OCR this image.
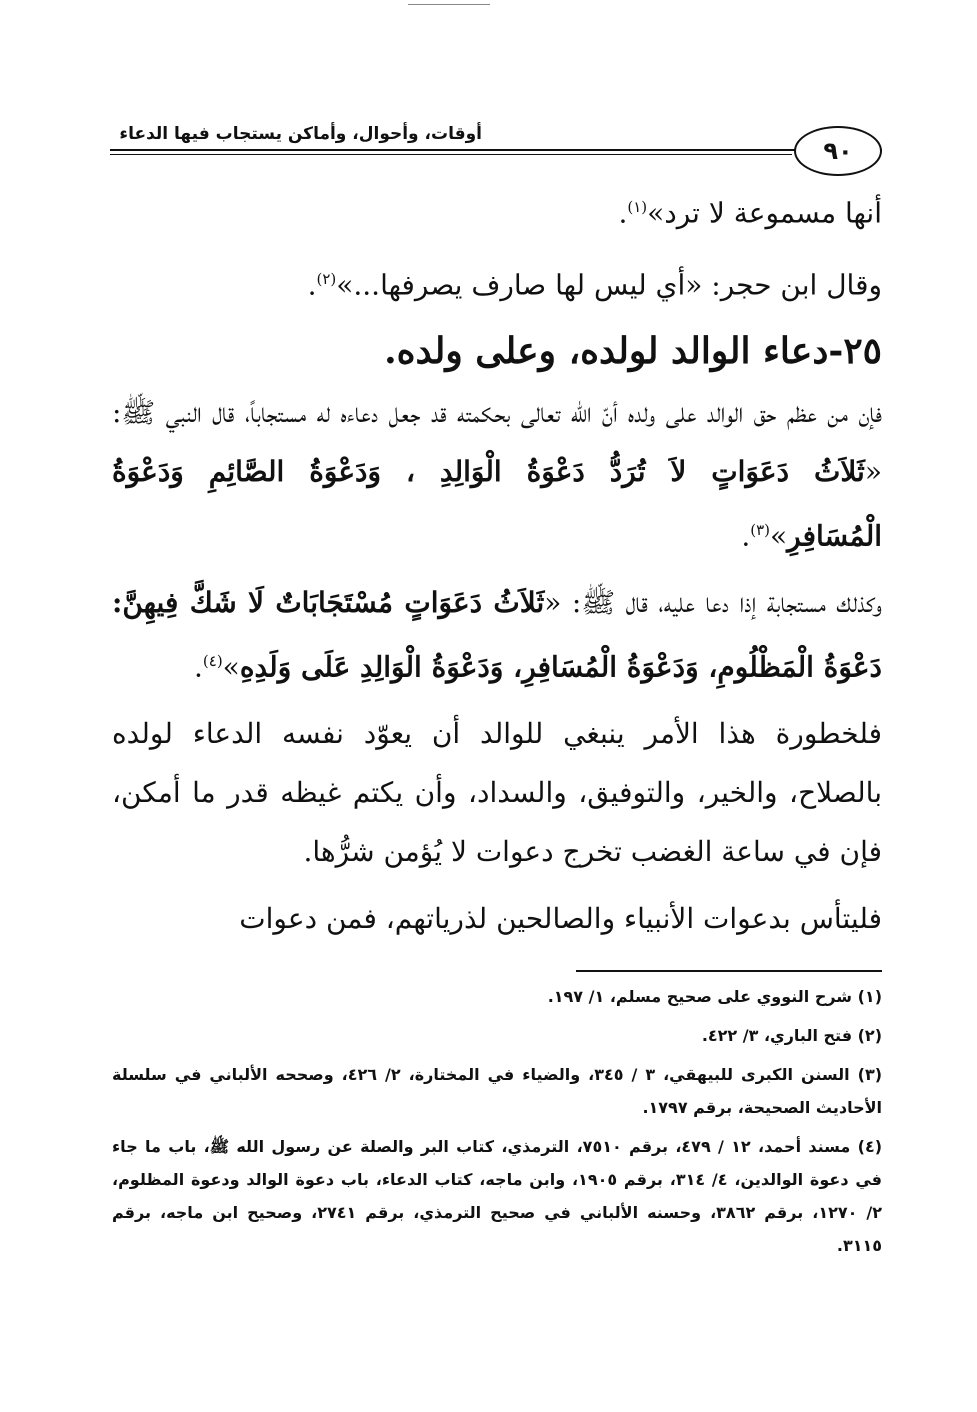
أوقات، وأحوال، وأماكن يستجاب فيها الدعاء
٩٠

أنها مسموعة لا ترد»$^{(١)}$.

وقال ابن حجر: «أي ليس لها صارف يصرفها...»$^{(٢)}$.

٢٥-دعاء الوالد لولده، وعلى ولده.

فإن من عظم حق الوالد على ولده أنّ الله تعالى بحكمته قد جعل دعاءه له مستجاباً، قال النبي ﷺ: «ثَلاَثُ دَعَوَاتٍ لاَ تُرَدُّ دَعْوَةُ الْوَالِدِ ، وَدَعْوَةُ الصَّائِمِ وَدَعْوَةُ الْمُسَافِرِ»$^{(٣)}$.

وكذلك مستجابة إذا دعا عليه، قال ﷺ: «ثَلاَثُ دَعَوَاتٍ مُسْتَجَابَاتٌ لَا شَكَّ فِيهِنَّ: دَعْوَةُ الْمَظْلُومِ، وَدَعْوَةُ الْمُسَافِرِ، وَدَعْوَةُ الْوَالِدِ عَلَى وَلَدِهِ»$^{(٤)}$.

فلخطورة هذا الأمر ينبغي للوالد أن يعوّد نفسه الدعاء لولده بالصلاح، والخير، والتوفيق، والسداد، وأن يكتم غيظه قدر ما أمكن، فإن في ساعة الغضب تخرج دعوات لا يُؤمن شرُّها.

فليتأس بدعوات الأنبياء والصالحين لذرياتهم، فمن دعوات

(١) شرح النووي على صحيح مسلم، ١/ ١٩٧.

(٢) فتح الباري، ٣/ ٤٢٢.

(٣) السنن الكبرى للبيهقي، ٣ / ٣٤٥، والضياء في المختارة، ٢/ ٤٢٦، وصححه الألباني في سلسلة الأحاديث الصحيحة، برقم ١٧٩٧.

(٤) مسند أحمد، ١٢ / ٤٧٩، برقم ٧٥١٠، الترمذي، كتاب البر والصلة عن رسول الله ﷺ، باب ما جاء في دعوة الوالدين، ٤/ ٣١٤، برقم ١٩٠٥، وابن ماجه، كتاب الدعاء، باب دعوة الوالد ودعوة المظلوم، ٢/ ١٢٧٠، برقم ٣٨٦٢، وحسنه الألباني في صحيح الترمذي، برقم ٢٧٤١، وصحيح ابن ماجه، برقم ٣١١٥.
